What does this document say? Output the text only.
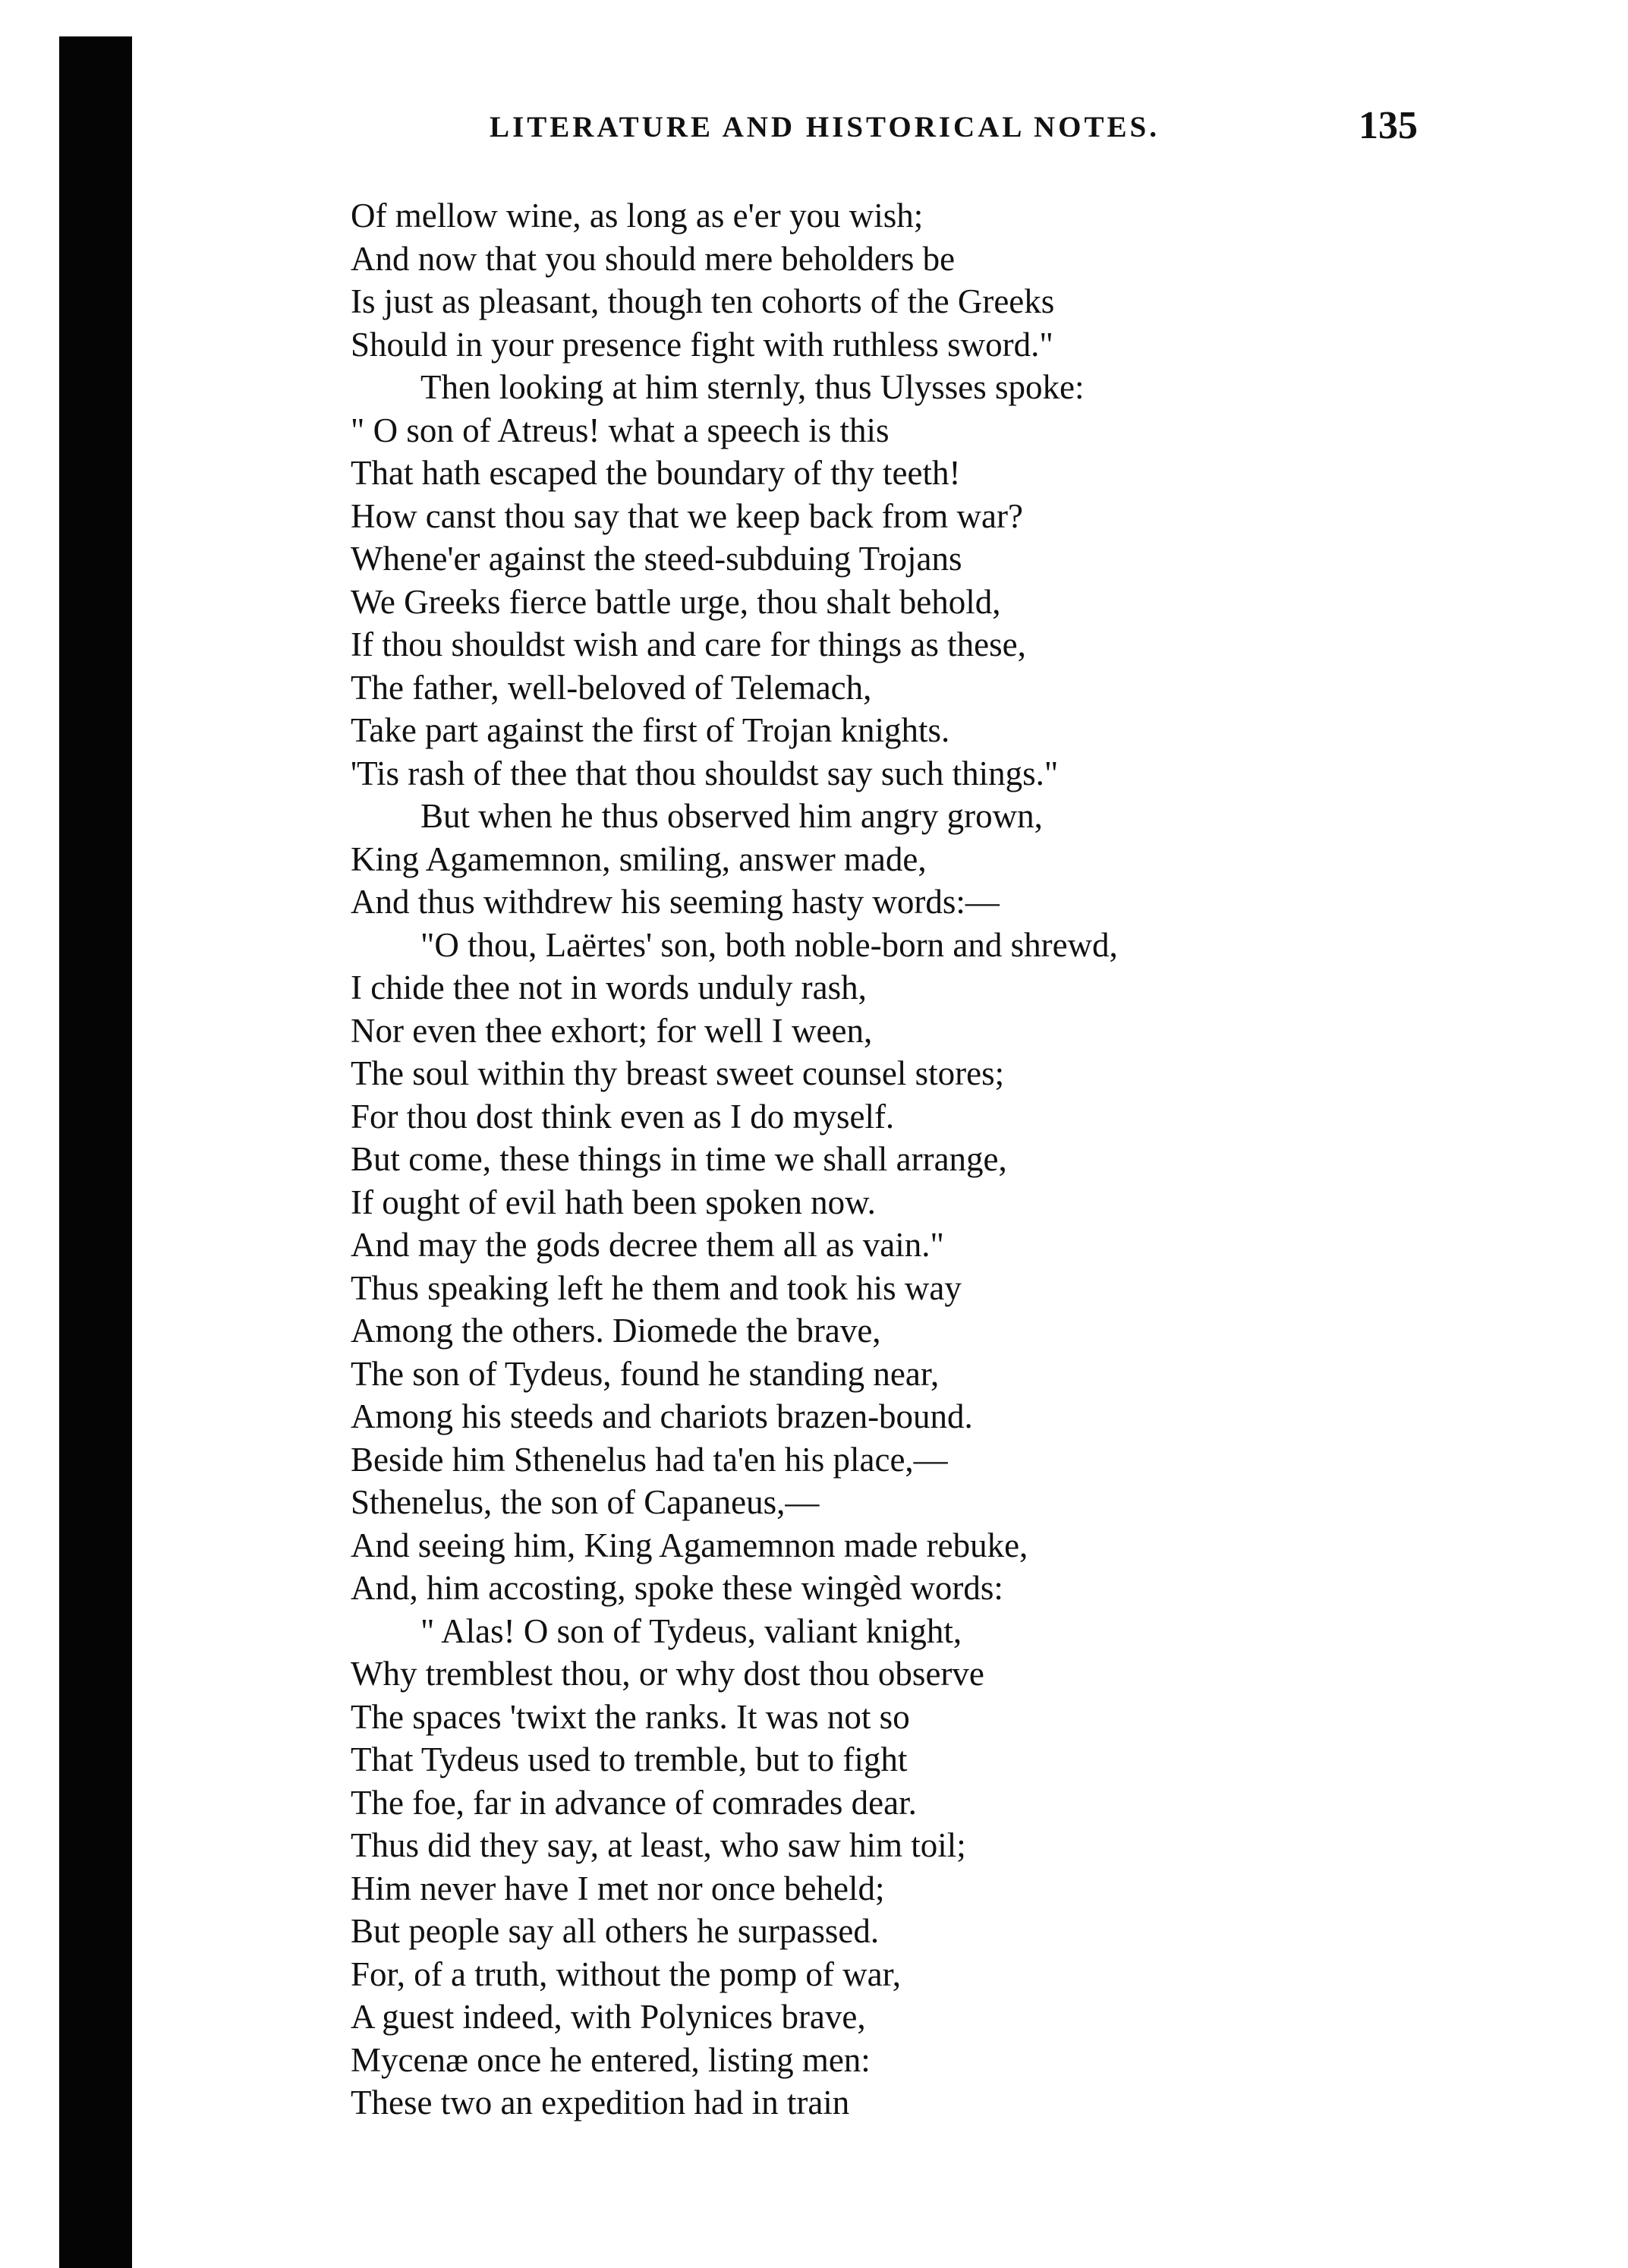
LITERATURE AND HISTORICAL NOTES.	135
Of mellow wine, as long as e'er you wish;
And now that you should mere beholders be
Is just as pleasant, though ten cohorts of the Greeks
Should in your presence fight with ruthless sword."
Then looking at him sternly, thus Ulysses spoke:
" O son of Atreus! what a speech is this
That hath escaped the boundary of thy teeth!
How canst thou say that we keep back from war?
Whene'er against the steed-subduing Trojans
We Greeks fierce battle urge, thou shalt behold,
If thou shouldst wish and care for things as these,
The father, well-beloved of Telemach,
Take part against the first of Trojan knights.
'Tis rash of thee that thou shouldst say such things."
But when he thus observed him angry grown,
King Agamemnon, smiling, answer made,
And thus withdrew his seeming hasty words:—
"O thou, Laërtes' son, both noble-born and shrewd,
I chide thee not in words unduly rash,
Nor even thee exhort; for well I ween,
The soul within thy breast sweet counsel stores;
For thou dost think even as I do myself.
But come, these things in time we shall arrange,
If ought of evil hath been spoken now.
And may the gods decree them all as vain."
Thus speaking left he them and took his way
Among the others. Diomede the brave,
The son of Tydeus, found he standing near,
Among his steeds and chariots brazen-bound.
Beside him Sthenelus had ta'en his place,—
Sthenelus, the son of Capaneus,—
And seeing him, King Agamemnon made rebuke,
And, him accosting, spoke these wingèd words:
" Alas! O son of Tydeus, valiant knight,
Why tremblest thou, or why dost thou observe
The spaces 'twixt the ranks. It was not so
That Tydeus used to tremble, but to fight
The foe, far in advance of comrades dear.
Thus did they say, at least, who saw him toil;
Him never have I met nor once beheld;
But people say all others he surpassed.
For, of a truth, without the pomp of war,
A guest indeed, with Polynices brave,
Mycenæ once he entered, listing men:
These two an expedition had in train
